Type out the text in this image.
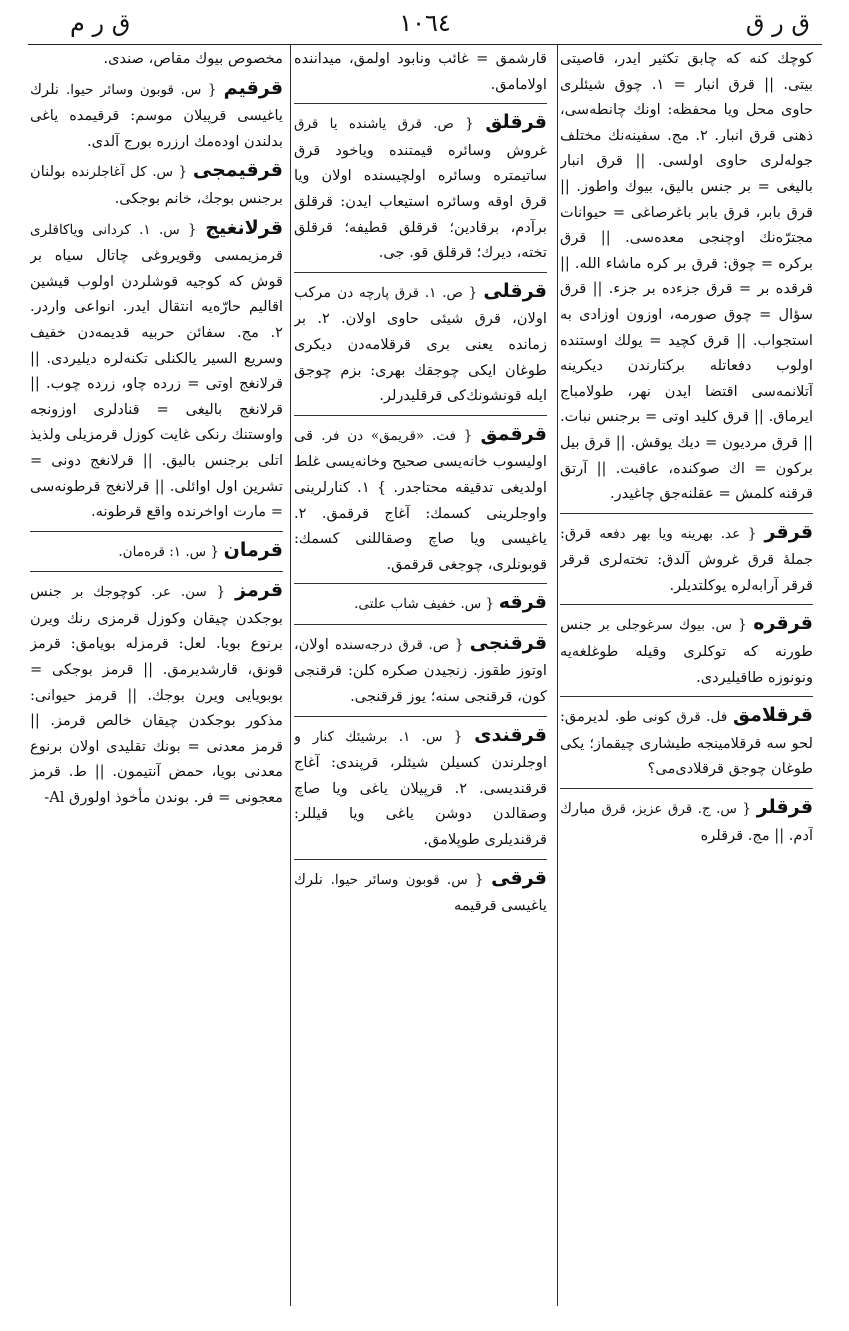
ق ر ق
١٠٦٤
ق ر م

کوچك کنه که چابق تکثیر ایدر، قاصیتی بیتی. || قرق انبار = ١. چوق شیئلری حاوی محل ویا محفظه: اونك چانطه‌سی، ذهنی قرق انبار. ٢. مج. سفینه‌نك مختلف جوله‌لری حاوی اولسی. || قرق انبار بالیغی = بر جنس بالیق، بیوك واطوز. || قرق بابر، قرق بابر باغرصاغی = حیوانات مجترّه‌نك اوچنجی معده‌سی. || قرق برکره = چوق: قرق بر کره ماشاء الله. || قرقده بر = قرق جزءده بر جزء. || قرق سؤال = چوق صورمه، اوزون اوزادی به استجواب. || قرق کچید = یولك اوستنده اولوب دفعاتله برکتارندن دیکرینه آتلانمه‌سی اقتضا ایدن نهر، طولامباج ایرماق. || قرق کلید اوتی = برجنس نبات. || قرق مردیون = دیك یوقش. || قرق بیل برکون = اك صوکنده، عاقبت. || آرتق قرقنه کلمش = عقلنه‌جق چاغیدر.

قرقر { عد. بهرینه ویا بهر دفعه قرق: جملهٔ قرق غروش آلدق: تخته‌لری قرقر قرقر آرابه‌لره یوکلتدیلر.

قرقره { س. بیوك سرغوجلی بر جنس طورنه که توکلری وقیله طوغلغه‌یه ونونوزه طاقیلیردی.

قرقلامق فل. قرق کونی طو. لدیرمق: لحو سه قرقلامینجه طیشاری چیقماز؛ یکی طوغان چوجق قرقلادی‌می؟

قرقلر { س. ج. قرق عزیز، قرق مبارك آدم. || مج. قرقلره

قارشمق = غائب ونابود اولمق، میداننده اولامامق.

قرقلق { ص. قرق یاشنده یا قرق غروش وسائره قیمتنده ویاخود قرق ساتیمتره وسائره اولچیسنده اولان ویا قرق اوقه وسائره استیعاب ایدن: قرقلق برآدم، برقادین؛ قرقلق قطیفه؛ قرقلق تخته، دیرك؛ قرقلق قو. جی.

قرقلی { ص. ١. قرق پارچه دن مرکب اولان، قرق شیئی حاوی اولان. ٢. بر زمانده یعنی بری قرقلامه‌دن دیکری طوغان ایکی چوجقك بهری: بزم چوجق ایله قونشونك‌کی قرقلیدرلر.

قرقمق { فت. «قریمق» دن فر. قی اولیسوب خانه‌یسی صحیح وخانه‌یسی غلط اولدیغی تدقیقه محتاجدر. } ١. کنارلرینی واوجلرینی کسمك: آغاج قرقمق. ٢. یاغیسی ویا صاچ وصقاللنی کسمك: قوبونلری، چوجغی قرقمق.

قرقه { س. خفیف شاب علتی.

قرقنجی { ص. قرق درجه‌سنده اولان، اوتوز طقوز. زنجیدن صکره کلن: قرقنجی کون، قرقنجی سنه؛ یوز قرقنجی.

قرقندی { س. ١. برشیئك کنار و اوجلرندن کسیلن شیئلر، قرپندی: آغاج قرقندیسی. ٢. قرپیلان یاغی ویا صاچ وصقالدن دوشن یاغی ویا قیللر: قرقندیلری طوپلامق.

قرقی { س. قوبون وسائر حیوا. نلرك یاغیسی قرقیمه

مخصوص بیوك مقاص، صندی.

قرقیم { س. قوبون وسائر حیوا. نلرك یاغیسی قرپیلان موسم: قرقیمده یاغی بدلندن اوده‌مك ارزره بورج آلدی.

قرقیمجی { س. کل آغاجلرنده بولنان برجنس بوجك، خانم بوجکی.

قرلانغیج { س. ١. کردانی ویاکاقلری قرمزیمسی وقویروغی چاتال سیاه بر قوش که کوجیه قوشلردن اولوب قیشین اقالیم حارّه‌یه انتقال ایدر. انواعی واردر. ٢. مج. سفائن حربیه قدیمه‌دن خفیف وسریع السیر یالکنلی تکنه‌لره دیلیردی. || قرلانغج اوتی = زرده چاو، زرده چوب. || قرلانغج بالیغی = قنادلری اوزونجه واوستنك رنکی غایت کوزل قرمزیلی ولذیذ اتلی برجنس بالیق. || قرلانغج دونی = تشرین اول اوائلی. || قرلانغج قرطونه‌سی = مارت اواخرنده واقع قرطونه.

قرمان { س. ١: قره‌مان.

قرمز { سن. عر. کوچوجك بر جنس بوجکدن چیقان وکوزل قرمزی رنك ویرن برنوع بویا. لعل: قرمزله بویامق: قرمز قونق، قارشدیرمق. || قرمز بوجکی = بوبویایی ویرن بوجك. || قرمز حیوانی: مذکور بوجکدن چیقان خالص قرمز. || قرمز معدنی = بونك تقلیدی اولان برنوع معدنی بویا، حمض آنتیمون. || ط. قرمز معجونی = فر. بوندن مأخوذ اولورق Al-
